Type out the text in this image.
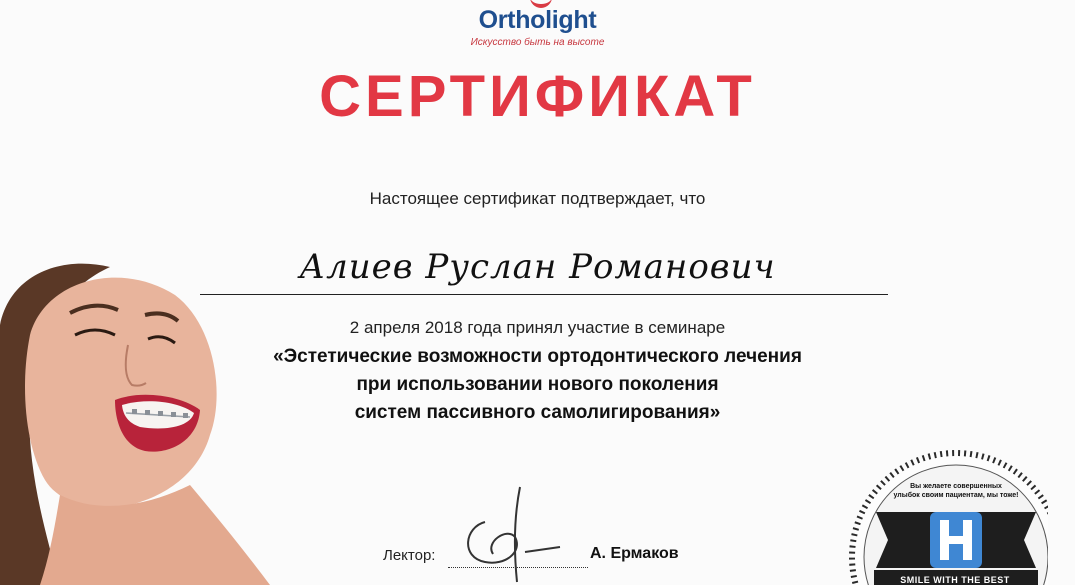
Ortholight
Искусство быть на высоте
СЕРТИФИКАТ
Настоящее сертификат подтверждает, что
Алиев Руслан Романович
2 апреля 2018 года принял участие в семинаре
«Эстетические возможности ортодонтического лечения
при использовании нового поколения
систем пассивного самолигирования»
Лектор:	А. Ермаков
Вы желаете совершенных
улыбок своим пациентам, мы тоже!
SMILE WITH THE BEST
